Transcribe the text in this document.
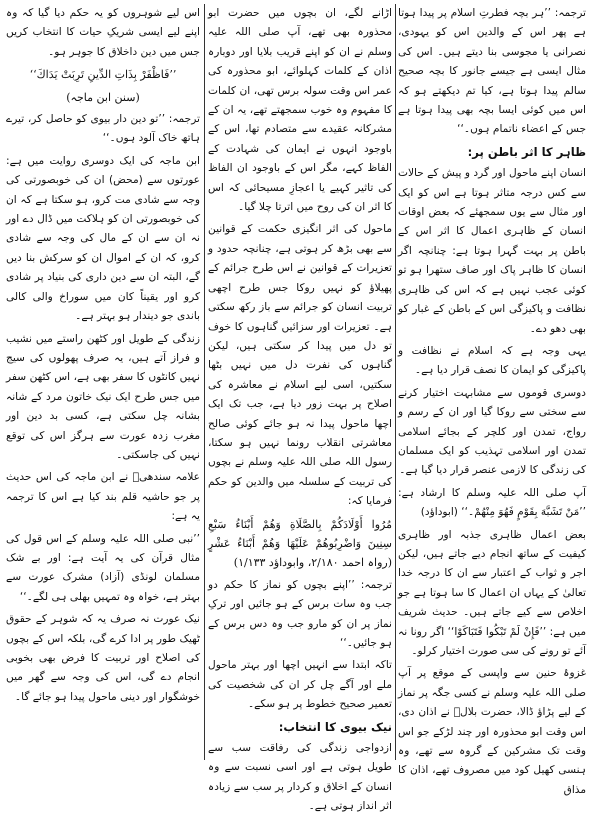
ترجمہ: ’’ہر بچہ فطرتِ اسلام پر پیدا ہوتا ہے پھر اس کے والدین اس کو یہودی، نصرانی یا مجوسی بنا دیتے ہیں۔ اس کی مثال ایسی ہے جیسے جانور کا بچہ صحیح سالم پیدا ہوتا ہے، کیا تم دیکھتے ہو کہ اس میں کوئی ایسا بچہ بھی پیدا ہوتا ہے جس کے اعضاء ناتمام ہوں۔‘‘
ظاہر کا اثر باطن پر:
انسان اپنے ماحول اور گرد و پیش کے حالات سے کس درجہ متاثر ہوتا ہے اس کو ایک اور مثال سے یوں سمجھئے کہ بعض اوقات انسان کے ظاہری اعمال کا اثر اس کے باطن پر بہت گہرا ہوتا ہے: چنانچہ اگر انسان کا ظاہر پاک اور صاف ستھرا ہو تو کوئی عجب نہیں ہے کہ اس کی ظاہری نظافت و پاکیزگی اس کے باطن کے غبار کو بھی دھو دے۔
یہی وجہ ہے کہ اسلام نے نظافت و پاکیزگی کو ایمان کا نصف قرار دیا ہے۔
دوسری قوموں سے مشابہت اختیار کرنے سے سختی سے روکا گیا اور ان کے رسم و رواج، تمدن اور کلچر کے بجائے اسلامی تمدن اور اسلامی تہذیب کو ایک مسلمان کی زندگی کا لازمی عنصر قرار دیا گیا ہے۔
آپ صلی اللہ علیہ وسلم کا ارشاد ہے: ’’مَنْ تَشَبَّهَ بِقَوْمٍ فَهُوَ مِنْهُمْ۔‘‘ (ابوداؤد)
بعض اعمال ظاہری جذبہ اور ظاہری کیفیت کے ساتھ انجام دیے جاتے ہیں، لیکن اجر و ثواب کے اعتبار سے ان کا درجہ خدا تعالیٰ کے یہاں ان اعمال کا سا ہوتا ہے جو اخلاص سے کیے جاتے ہیں۔ حدیث شریف میں ہے: ’’فَإِنْ لَمْ تَبْكُوا فَتَبَاكَوْا‘‘ اگر رونا نہ آئے تو رونے کی سی صورت اختیار کرلو۔
غزوۂ حنین سے واپسی کے موقع پر آپ صلی اللہ علیہ وسلم نے کسی جگہ پر نماز کے لیے پڑاؤ ڈالا، حضرت بلالؓ نے اذان دی، اس وقت ابو محذورہ اور چند لڑکے جو اس وقت تک مشرکین کے گروہ سے تھے، وہ ہنسی کھیل کود میں مصروف تھے، اذان کا مذاق
اڑانے لگے، ان بچوں میں حضرت ابو محذورہ بھی تھے، آپ صلی اللہ علیہ وسلم نے ان کو اپنے قریب بلایا اور دوبارہ اذان کے کلمات کہلوائے، ابو محذورہ کی عمر اس وقت سولہ برس تھی، ان کلمات کا مفہوم وہ خوب سمجھتے تھے، یہ ان کے مشرکانہ عقیدے سے متصادم تھا، اس کے باوجود انہوں نے ایمان کی شہادت کے الفاظ کہے، مگر اس کے باوجود ان الفاظ کی تاثیر کہیے یا اعجازِ مسیحائی کہ اس کا اثر ان کی روح میں اترتا چلا گیا۔
ماحول کی اثر انگیزی حکمت کے قوانین سے بھی بڑھ کر ہوتی ہے، چنانچہ حدود و تعزیرات کے قوانین نے اس طرح جرائم کے پھیلاؤ کو نہیں روکا جس طرح اچھی تربیت انسان کو جرائم سے باز رکھ سکتی ہے۔ تعزیرات اور سزائیں گناہوں کا خوف تو دل میں پیدا کر سکتی ہیں، لیکن گناہوں کی نفرت دل میں نہیں بٹھا سکتیں، اسی لیے اسلام نے معاشرہ کی اصلاح پر بہت زور دیا ہے، جب تک ایک اچھا ماحول پیدا نہ ہو جائے کوئی صالح معاشرتی انقلاب رونما نہیں ہو سکتا، رسول اللہ صلی اللہ علیہ وسلم نے بچوں کی تربیت کے سلسلہ میں والدین کو حکم فرمایا کہ:
مُرُوا أَوْلَادَكُمْ بِالصَّلَاةِ وَهُمْ أَبْنَاءُ سَبْعِ سِنِينَ وَاضْرِبُوهُمْ عَلَيْهَا وَهُمْ أَبْنَاءُ عَشْرٍ (رواہ احمد ۲/۱۸۰، وابوداؤد ۱/۱۳۳)
ترجمہ: ’’اپنے بچوں کو نماز کا حکم دو جب وہ سات برس کے ہو جائیں اور ترکِ نماز پر ان کو مارو جب وہ دس برس کے ہو جائیں۔‘‘
تاکہ ابتدا سے انہیں اچھا اور بہتر ماحول ملے اور آگے چل کر ان کی شخصیت کی تعمیر صحیح خطوط پر ہو سکے۔
نیک بیوی کا انتخاب:
ازدواجی زندگی کی رفاقت سب سے طویل ہوتی ہے اور اسی نسبت سے وہ انسان کے اخلاق و کردار پر سب سے زیادہ اثر انداز ہوتی ہے۔
اس لیے شوہروں کو یہ حکم دیا گیا کہ وہ اپنے لیے ایسی شریکِ حیات کا انتخاب کریں جس میں دین داخلاق کا جوہر ہو۔
’’فَاظْفَرْ بِذَاتِ الدِّينِ تَرِبَتْ يَدَاكَ‘‘
(سنن ابن ماجہ)
ترجمہ: ’’تو دین دار بیوی کو حاصل کر، تیرے ہاتھ خاک آلود ہوں۔‘‘
ابن ماجہ کی ایک دوسری روایت میں ہے: عورتوں سے (محض) ان کی خوبصورتی کی وجہ سے شادی مت کرو، ہو سکتا ہے کہ ان کی خوبصورتی ان کو ہلاکت میں ڈال دے اور نہ ان سے ان کے مال کی وجہ سے شادی کرو، کہ ان کے اموال ان کو سرکش بنا دیں گے، البتہ ان سے دین داری کی بنیاد پر شادی کرو اور یقیناً کان میں سوراخ والی کالی باندی جو دیندار ہو بہتر ہے۔
زندگی کے طویل اور کٹھن راستے میں نشیب و فراز آتے ہیں، یہ صرف پھولوں کی سیج نہیں کانٹوں کا سفر بھی ہے، اس کٹھن سفر میں جس طرح ایک نیک خاتون مرد کے شانہ بشانہ چل سکتی ہے، کسی بد دین اور مغرب زدہ عورت سے ہرگز اس کی توقع نہیں کی جاسکتی۔
علامہ سندھیؒ نے ابن ماجہ کی اس حدیث پر جو حاشیہ قلم بند کیا ہے اس کا ترجمہ یہ ہے:
’’نبی صلی اللہ علیہ وسلم کے اس قول کی مثال قرآن کی یہ آیت ہے: اور بے شک مسلمان لونڈی (آزاد) مشرک عورت سے بہتر ہے، خواہ وہ تمہیں بھلی ہی لگے۔‘‘
نیک عورت نہ صرف یہ کہ شوہر کے حقوق ٹھیک طور پر ادا کرے گی، بلکہ اس کے بچوں کی اصلاح اور تربیت کا فرض بھی بخوبی انجام دے گی، اس کی وجہ سے گھر میں خوشگوار اور دینی ماحول پیدا ہو جائے گا۔
